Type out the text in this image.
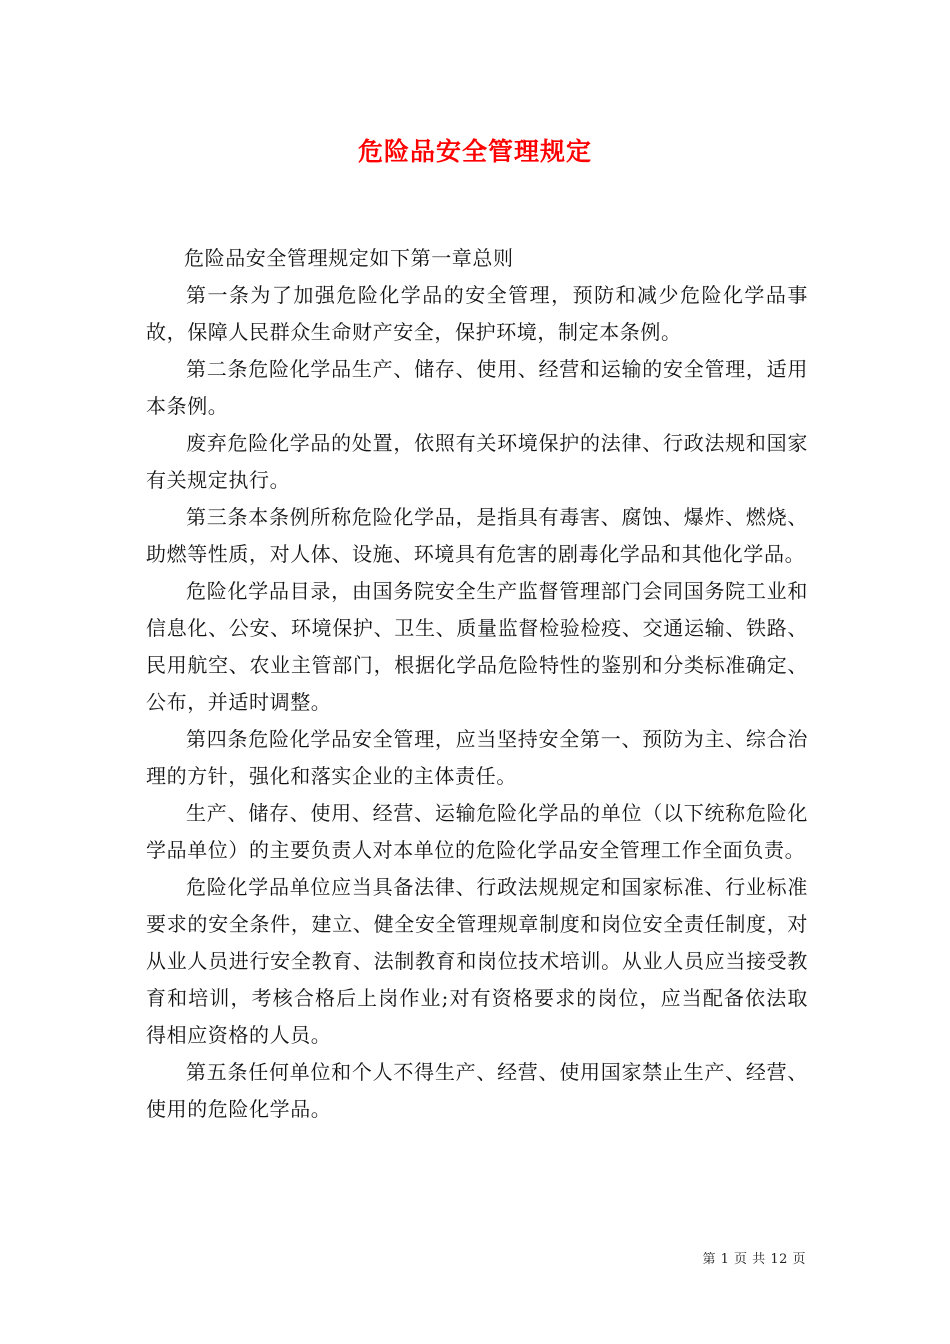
危险品安全管理规定

危险品安全管理规定如下第一章总则

第一条为了加强危险化学品的安全管理，预防和减少危险化学品事故，保障人民群众生命财产安全，保护环境，制定本条例。

第二条危险化学品生产、储存、使用、经营和运输的安全管理，适用本条例。

废弃危险化学品的处置，依照有关环境保护的法律、行政法规和国家有关规定执行。

第三条本条例所称危险化学品，是指具有毒害、腐蚀、爆炸、燃烧、助燃等性质，对人体、设施、环境具有危害的剧毒化学品和其他化学品。

危险化学品目录，由国务院安全生产监督管理部门会同国务院工业和信息化、公安、环境保护、卫生、质量监督检验检疫、交通运输、铁路、民用航空、农业主管部门，根据化学品危险特性的鉴别和分类标准确定、公布，并适时调整。

第四条危险化学品安全管理，应当坚持安全第一、预防为主、综合治理的方针，强化和落实企业的主体责任。

生产、储存、使用、经营、运输危险化学品的单位（以下统称危险化学品单位）的主要负责人对本单位的危险化学品安全管理工作全面负责。

危险化学品单位应当具备法律、行政法规规定和国家标准、行业标准要求的安全条件，建立、健全安全管理规章制度和岗位安全责任制度，对从业人员进行安全教育、法制教育和岗位技术培训。从业人员应当接受教育和培训，考核合格后上岗作业;对有资格要求的岗位，应当配备依法取得相应资格的人员。

第五条任何单位和个人不得生产、经营、使用国家禁止生产、经营、使用的危险化学品。

第 1 页 共 12 页
